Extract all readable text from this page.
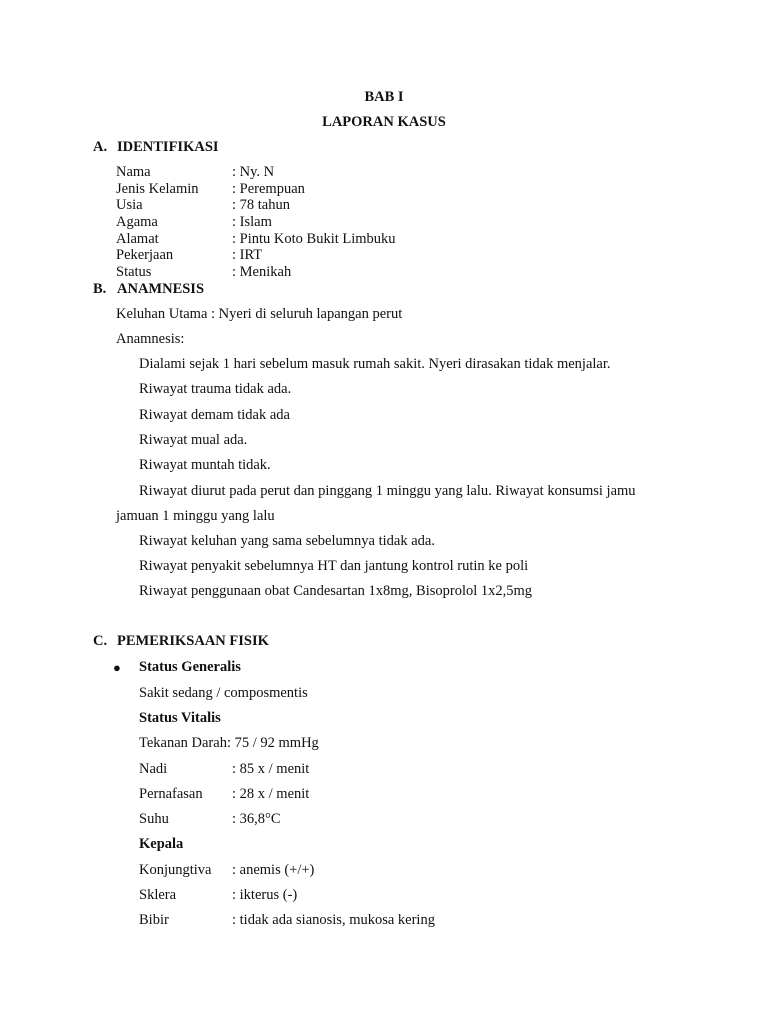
BAB I
LAPORAN KASUS
A. IDENTIFIKASI
Nama	: Ny. N
Jenis Kelamin : Perempuan
Usia	: 78 tahun
Agama	: Islam
Alamat	: Pintu Koto Bukit Limbuku
Pekerjaan	: IRT
Status	: Menikah
B. ANAMNESIS
Keluhan Utama : Nyeri di seluruh lapangan perut
Anamnesis:
Dialami sejak 1 hari sebelum masuk rumah sakit. Nyeri dirasakan tidak menjalar.
Riwayat trauma tidak ada.
Riwayat demam tidak ada
Riwayat mual ada.
Riwayat muntah tidak.
Riwayat diurut pada perut dan pinggang 1 minggu yang lalu. Riwayat konsumsi jamu
jamuan 1 minggu yang lalu
Riwayat keluhan yang sama sebelumnya tidak ada.
Riwayat penyakit sebelumnya HT dan jantung kontrol rutin ke poli
Riwayat penggunaan obat Candesartan 1x8mg, Bisoprolol 1x2,5mg
C. PEMERIKSAAN FISIK
● Status Generalis
Sakit sedang / composmentis
Status Vitalis
Tekanan Darah: 75 / 92 mmHg
Nadi	: 85 x / menit
Pernafasan : 28 x / menit
Suhu	: 36,8°C
Kepala
Konjungtiva : anemis (+/+)
Sklera	: ikterus (-)
Bibir	: tidak ada sianosis, mukosa kering
